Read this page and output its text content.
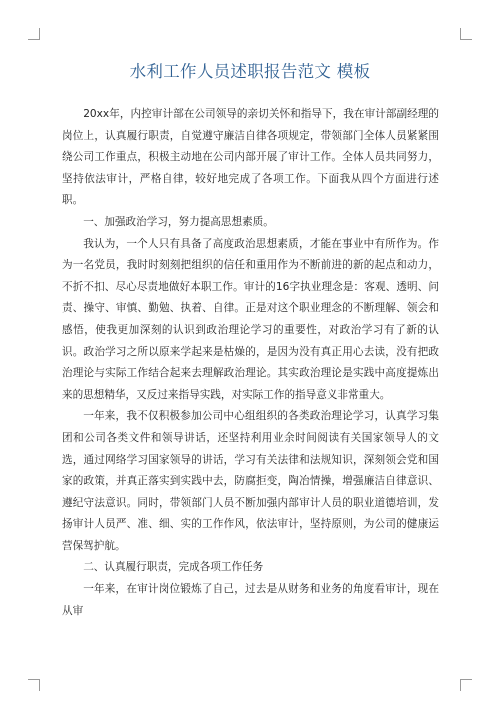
水利工作人员述职报告范文 模板

20xx年，内控审计部在公司领导的亲切关怀和指导下，我在审计部副经理的岗位上，认真履行职责，自觉遵守廉洁自律各项规定，带领部门全体人员紧紧围绕公司工作重点，积极主动地在公司内部开展了审计工作。全体人员共同努力，坚持依法审计，严格自律，较好地完成了各项工作。下面我从四个方面进行述职。

一、加强政治学习，努力提高思想素质。

我认为，一个人只有具备了高度政治思想素质，才能在事业中有所作为。作为一名党员，我时时刻刻把组织的信任和重用作为不断前进的新的起点和动力，不折不扣、尽心尽责地做好本职工作。审计的16字执业理念是：客观、透明、问责、操守、审慎、勤勉、执着、自律。正是对这个职业理念的不断理解、领会和感悟，使我更加深刻的认识到政治理论学习的重要性，对政治学习有了新的认识。政治学习之所以原来学起来是枯燥的，是因为没有真正用心去读，没有把政治理论与实际工作结合起来去理解政治理论。其实政治理论是实践中高度提炼出来的思想精华，又反过来指导实践，对实际工作的指导意义非常重大。

一年来，我不仅积极参加公司中心组组织的各类政治理论学习，认真学习集团和公司各类文件和领导讲话，还坚持利用业余时间阅读有关国家领导人的文选，通过网络学习国家领导的讲话，学习有关法律和法规知识，深刻领会党和国家的政策，并真正落实到实践中去，防腐拒变，陶冶情操，增强廉洁自律意识、遵纪守法意识。同时，带领部门人员不断加强内部审计人员的职业道德培训，发扬审计人员严、准、细、实的工作作风，依法审计，坚持原则，为公司的健康运营保驾护航。

二、认真履行职责，完成各项工作任务

一年来，在审计岗位锻炼了自己，过去是从财务和业务的角度看审计，现在从审
